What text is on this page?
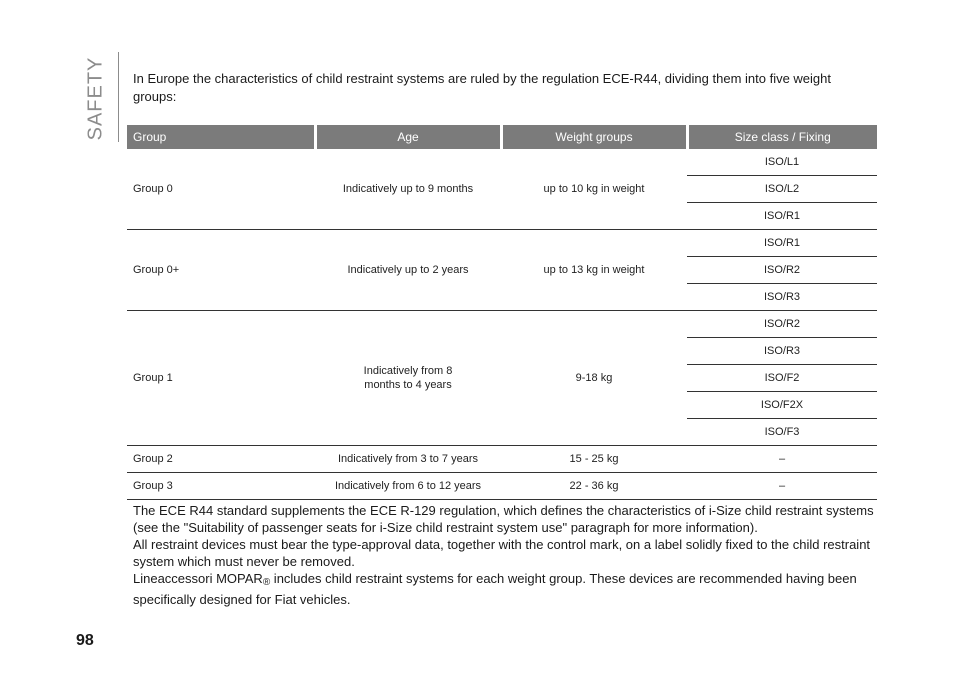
SAFETY In Europe the characteristics of child restraint systems are ruled by the regulation ECE-R44, dividing them into five weight groups:

Group	Age	Weight groups	Size class / Fixing
Group 0	Indicatively up to 9 months	up to 10 kg in weight	ISO/L1
			ISO/L2
			ISO/R1
Group 0+	Indicatively up to 2 years	up to 13 kg in weight	ISO/R1
			ISO/R2
			ISO/R3
Group 1	Indicatively from 8 months to 4 years	9-18 kg	ISO/R2
			ISO/R3
			ISO/F2
			ISO/F2X
			ISO/F3
Group 2	Indicatively from 3 to 7 years	15 - 25 kg	–
Group 3	Indicatively from 6 to 12 years	22 - 36 kg	–

The ECE R44 standard supplements the ECE R-129 regulation, which defines the characteristics of i-Size child restraint systems (see the "Suitability of passenger seats for i-Size child restraint system use" paragraph for more information).

All restraint devices must bear the type-approval data, together with the control mark, on a label solidly fixed to the child restraint system which must never be removed.

Lineaccessori MOPAR® includes child restraint systems for each weight group. These devices are recommended having been specifically designed for Fiat vehicles.

98
